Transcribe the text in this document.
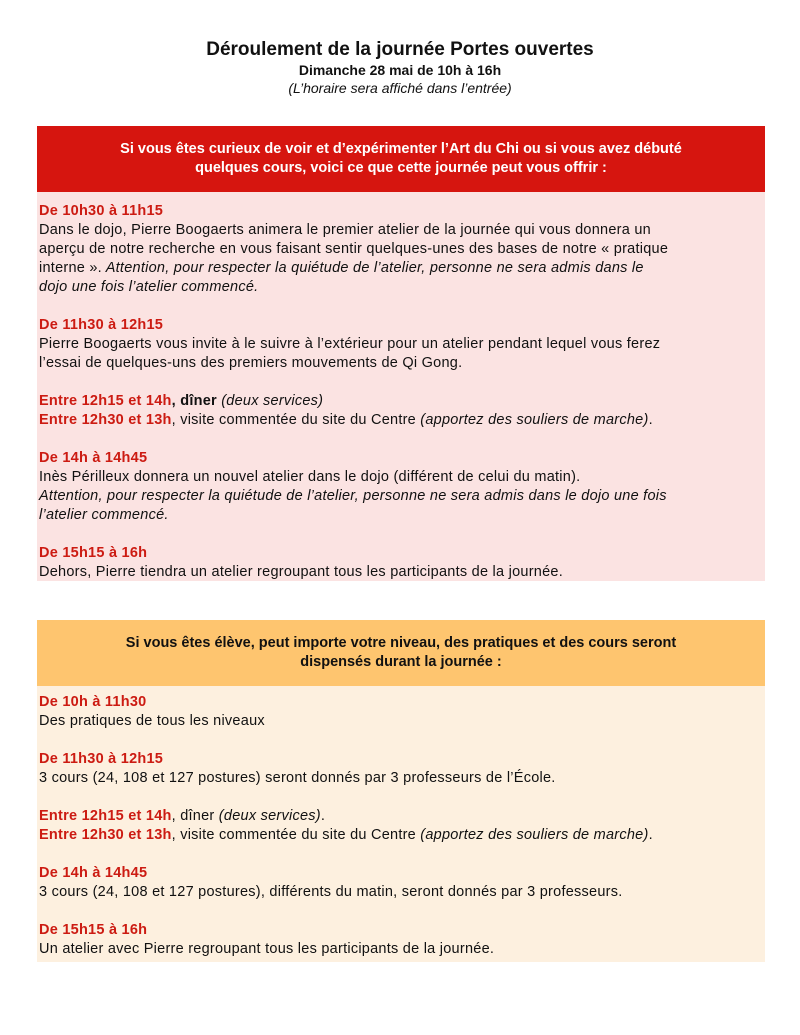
Déroulement de la journée Portes ouvertes
Dimanche 28 mai de 10h à 16h
(L’horaire sera affiché dans l’entrée)
Si vous êtes curieux de voir et d’expérimenter l’Art du Chi ou si vous avez débuté
quelques cours, voici ce que cette journée peut vous offrir :
De 10h30 à 11h15
Dans le dojo, Pierre Boogaerts animera le premier atelier de la journée qui vous donnera un
aperçu de notre recherche en vous faisant sentir quelques-unes des bases de notre « pratique
interne ». Attention, pour respecter la quiétude de l’atelier, personne ne sera admis dans le
dojo une fois l’atelier commencé.
De 11h30 à 12h15
Pierre Boogaerts vous invite à le suivre à l’extérieur pour un atelier pendant lequel vous ferez
l’essai de quelques-uns des premiers mouvements de Qi Gong.
Entre 12h15 et 14h, dîner (deux services)
Entre 12h30 et 13h, visite commentée du site du Centre (apportez des souliers de marche).
De 14h à 14h45
Inès Périlleux donnera un nouvel atelier dans le dojo (différent de celui du matin).
Attention, pour respecter la quiétude de l’atelier, personne ne sera admis dans le dojo une fois
l’atelier commencé.
De 15h15 à 16h
Dehors, Pierre tiendra un atelier regroupant tous les participants de la journée.
Si vous êtes élève, peut importe votre niveau, des pratiques et des cours seront
dispensés durant la journée :
De 10h à 11h30
Des pratiques de tous les niveaux
De 11h30 à 12h15
3 cours (24, 108 et 127 postures) seront donnés par 3 professeurs de l’École.
Entre 12h15 et 14h, dîner (deux services).
Entre 12h30 et 13h, visite commentée du site du Centre (apportez des souliers de marche).
De 14h à 14h45
3 cours (24, 108 et 127 postures), différents du matin, seront donnés par 3 professeurs.
De 15h15 à 16h
Un atelier avec Pierre regroupant tous les participants de la journée.
